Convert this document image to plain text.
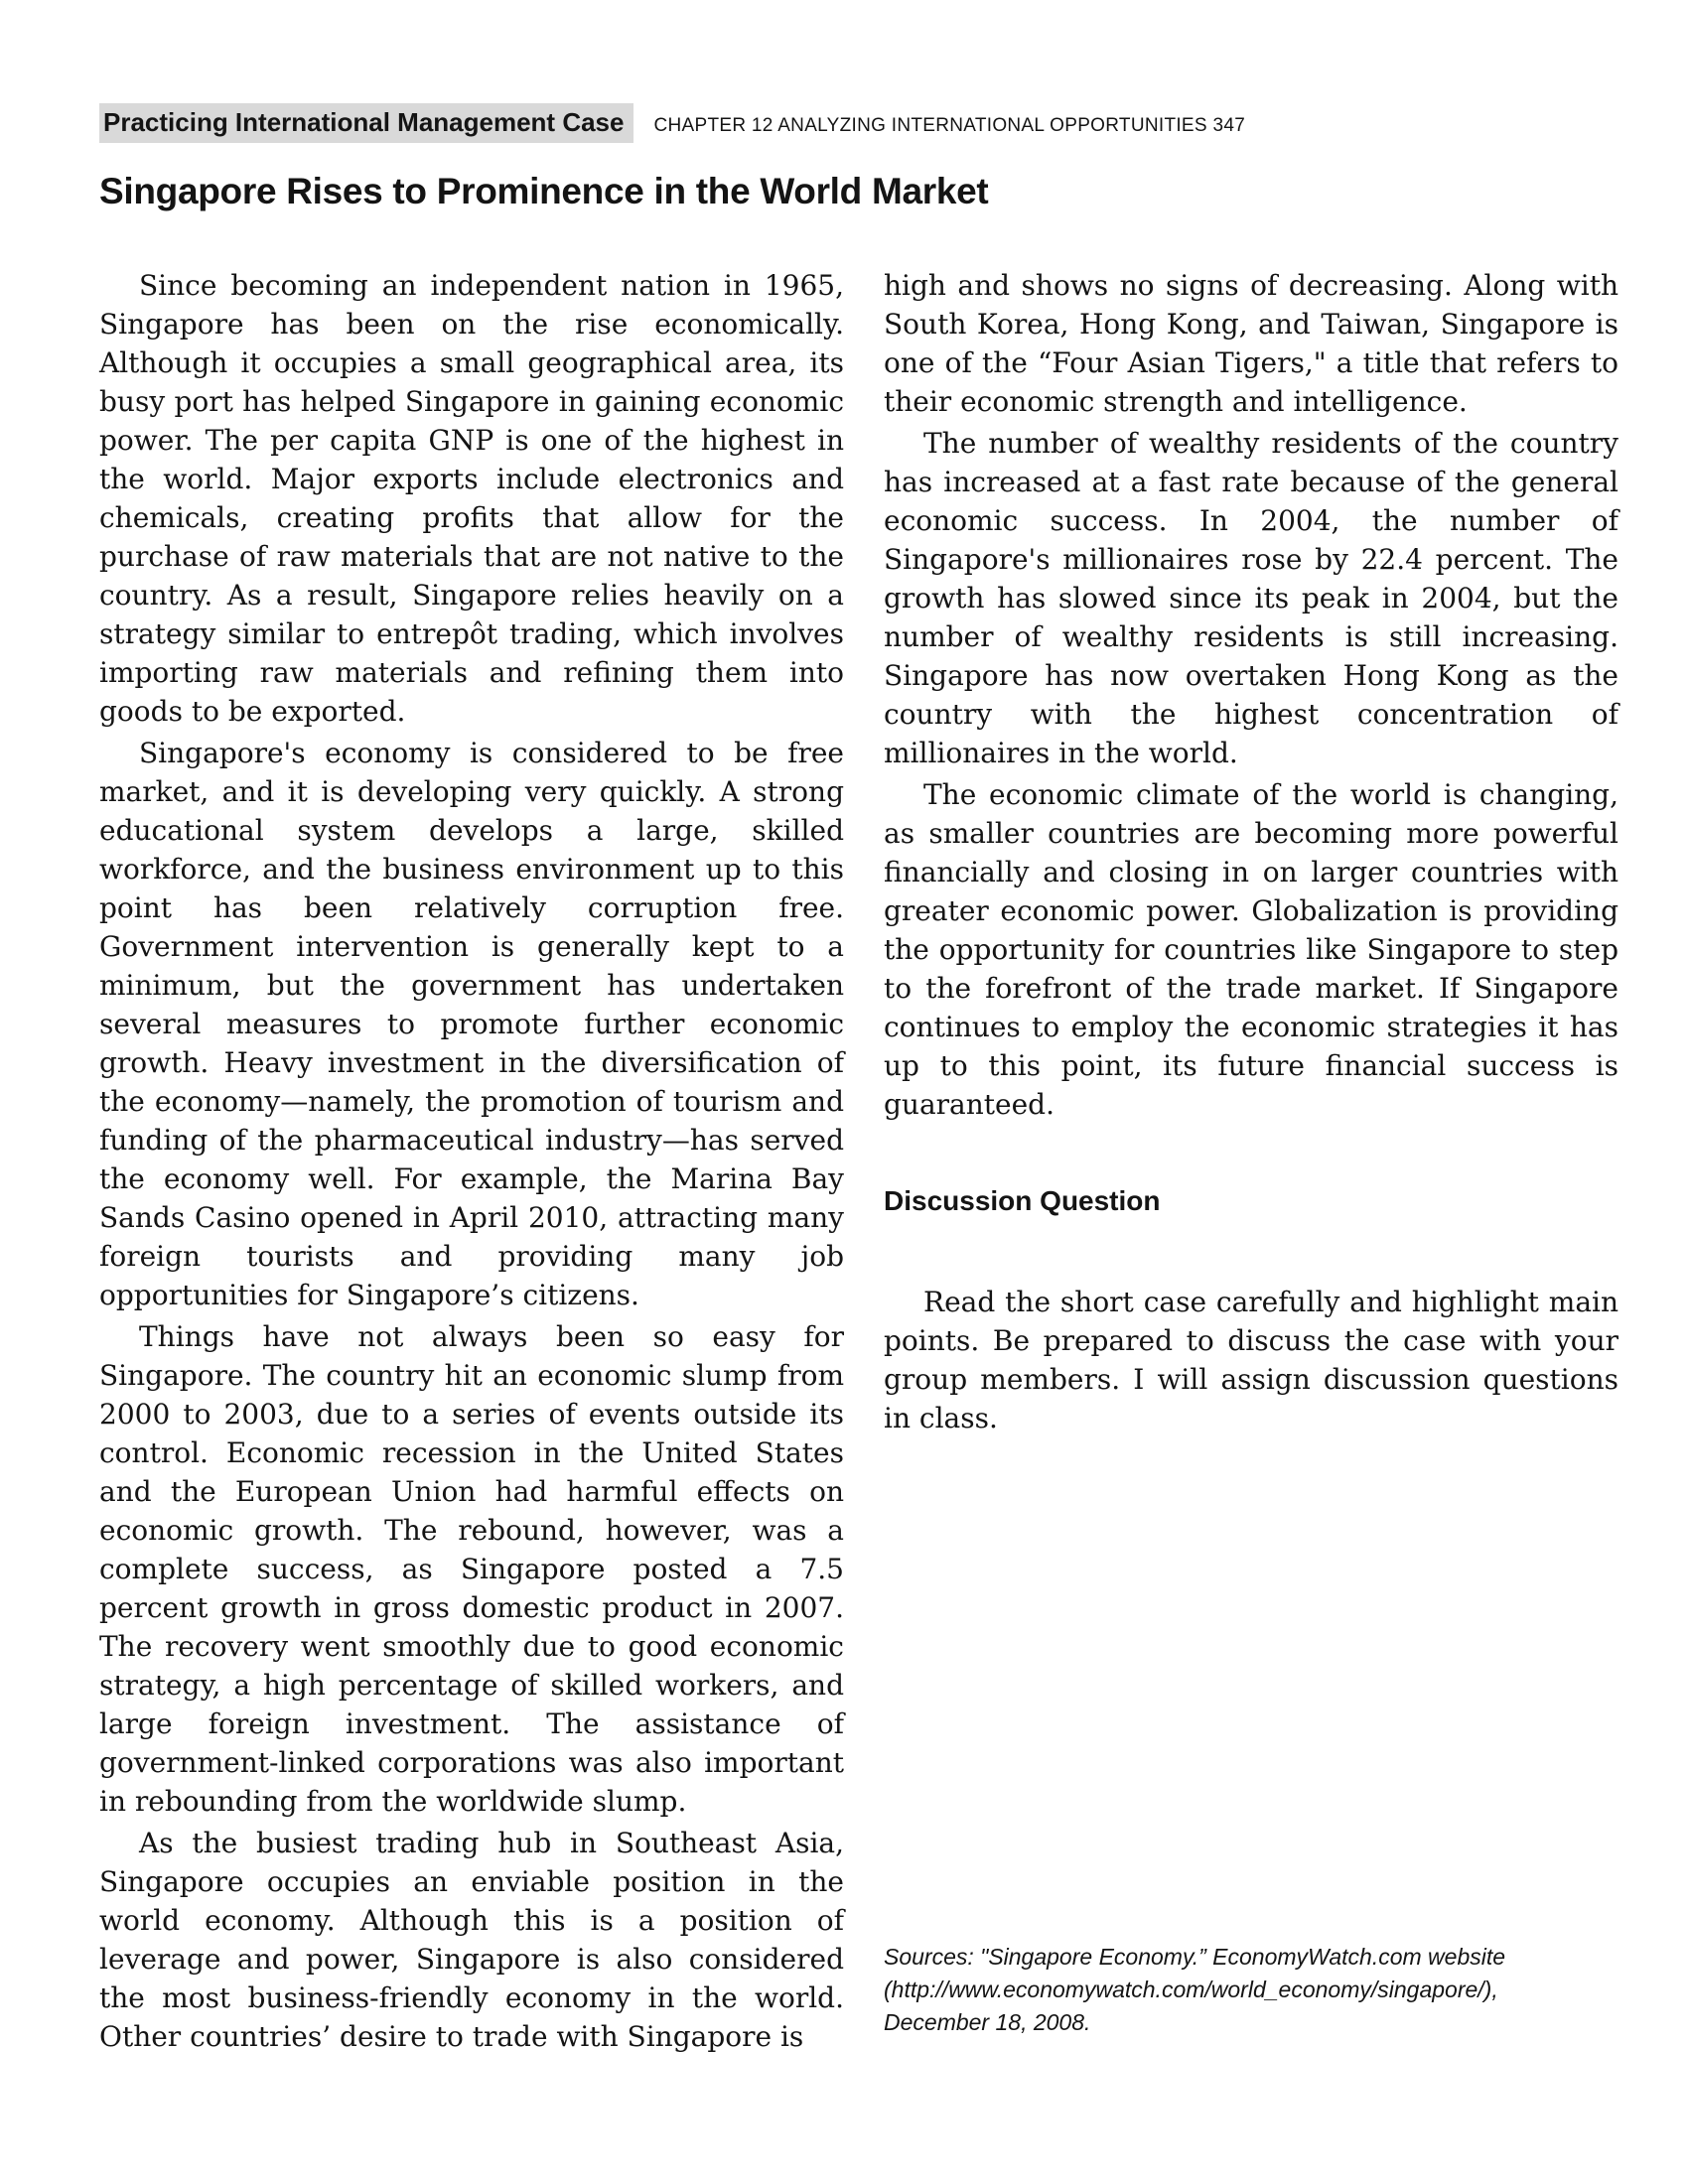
Practicing International Management Case	CHAPTER 12 ANALYZING INTERNATIONAL OPPORTUNITIES 347
Singapore Rises to Prominence in the World Market

Since becoming an independent nation in 1965, Singapore has been on the rise economically. Although it occupies a small geographical area, its busy port has helped Singapore in gaining economic power. The per capita GNP is one of the highest in the world. Major exports include electronics and chemicals, creating profits that allow for the purchase of raw materials that are not native to the country. As a result, Singapore relies heavily on a strategy similar to entrepôt trading, which involves importing raw materials and refining them into goods to be exported.

Singapore's economy is considered to be free market, and it is developing very quickly. A strong educational system develops a large, skilled workforce, and the business environment up to this point has been relatively corruption free. Government intervention is generally kept to a minimum, but the government has undertaken several measures to promote further economic growth. Heavy investment in the diversification of the economy—namely, the promotion of tourism and funding of the pharmaceutical industry—has served the economy well. For example, the Marina Bay Sands Casino opened in April 2010, attracting many foreign tourists and providing many job opportunities for Singapore’s citizens.

Things have not always been so easy for Singapore. The country hit an economic slump from 2000 to 2003, due to a series of events outside its control. Economic recession in the United States and the European Union had harmful effects on economic growth. The rebound, however, was a complete success, as Singapore posted a 7.5 percent growth in gross domestic product in 2007. The recovery went smoothly due to good economic strategy, a high percentage of skilled workers, and large foreign investment. The assistance of government-linked corporations was also important in rebounding from the worldwide slump.

As the busiest trading hub in Southeast Asia, Singapore occupies an enviable position in the world economy. Although this is a position of leverage and power, Singapore is also considered the most business-friendly economy in the world. Other countries’ desire to trade with Singapore is

high and shows no signs of decreasing. Along with South Korea, Hong Kong, and Taiwan, Singapore is one of the “Four Asian Tigers," a title that refers to their economic strength and intelligence.

The number of wealthy residents of the country has increased at a fast rate because of the general economic success. In 2004, the number of Singapore's millionaires rose by 22.4 percent. The growth has slowed since its peak in 2004, but the number of wealthy residents is still increasing. Singapore has now overtaken Hong Kong as the country with the highest concentration of millionaires in the world.

The economic climate of the world is changing, as smaller countries are becoming more powerful financially and closing in on larger countries with greater economic power. Globalization is providing the opportunity for countries like Singapore to step to the forefront of the trade market. If Singapore continues to employ the economic strategies it has up to this point, its future financial success is guaranteed.

Discussion Question

Read the short case carefully and highlight main points. Be prepared to discuss the case with your group members. I will assign discussion questions in class.

Sources: "Singapore Economy.” EconomyWatch.com website (http://www.economywatch.com/world_economy/singapore/), December 18, 2008.
